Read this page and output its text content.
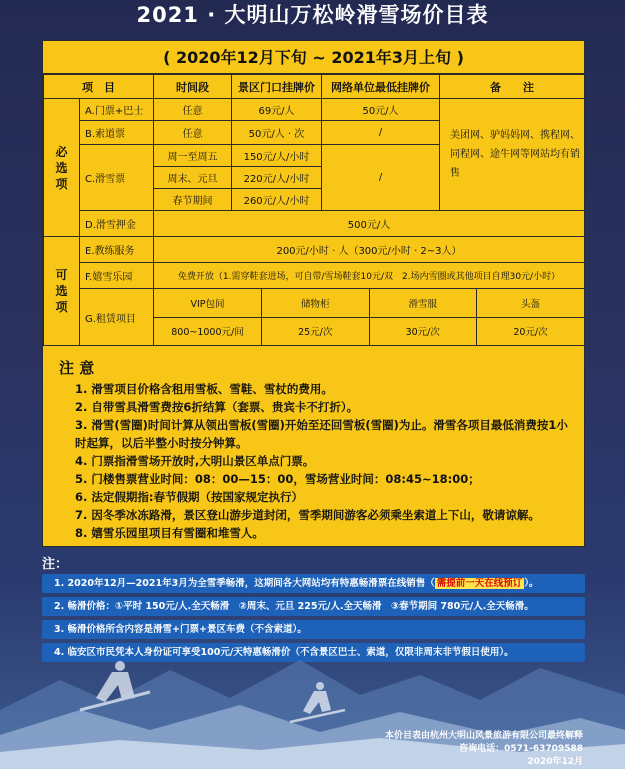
2021 · 大明山万松岭滑雪场价目表
( 2020年12月下旬 ~ 2021年3月上旬 )
项　目	时间段	景区门口挂牌价	网络单位最低挂牌价	备　　注
必选项	A.门票+巴士	任意	69元/人	50元/人	美团网、驴妈妈网、携程网、同程网、途牛网等网站均有销售
B.索道票	任意	50元/人 · 次	/
C.滑雪票	周一至周五	150元/人/小时	/
周末、元旦	220元/人/小时
春节期间	260元/人/小时
D.滑雪押金	500元/人
可选项	E.教练服务	200元/小时 · 人（300元/小时 · 2~3人）
F.嬉雪乐园	免费开放（1.需穿鞋套进场，可自带/雪场鞋套10元/双　2.场内雪圈或其他项目自理30元/小时）

G.租赁项目	
VIP包间	储物柜	滑雪服	头盔
800~1000元/间	25元/次	30元/次	20元/次

注 意
1. 滑雪项目价格含租用雪板、雪鞋、雪杖的费用。
2. 自带雪具滑雪费按6折结算（套票、贵宾卡不打折）。
3. 滑雪(雪圈)时间计算从领出雪板(雪圈)开始至还回雪板(雪圈)为止。滑雪各项目最低消费按1小时起算，以后半整小时按分钟算。
4. 门票指滑雪场开放时,大明山景区单点门票。
5. 门楼售票营业时间：08：00—15：00，雪场营业时间：08:45~18:00；
6. 法定假期指:春节假期（按国家规定执行）
7. 因冬季冰冻路滑，景区登山游步道封闭，雪季期间游客必须乘坐索道上下山，敬请谅解。
8. 嬉雪乐园里项目有雪圈和堆雪人。
注：
1. 2020年12月—2021年3月为全雪季畅滑，这期间各大网站均有特惠畅滑票在线销售（ 需提前一天在线预订 ）。
2. 畅滑价格：①平时 150元/人.全天畅滑　②周末、元旦 225元/人.全天畅滑　③春节期间 780元/人.全天畅滑。
3. 畅滑价格所含内容是滑雪+门票+景区车费（不含索道）。
4. 临安区市民凭本人身份证可享受100元/天特惠畅滑价（不含景区巴士、索道，仅限非周末非节假日使用）。
本价目表由杭州大明山风景旅游有限公司最终解释
咨询电话：0571-63709588
2020年12月
